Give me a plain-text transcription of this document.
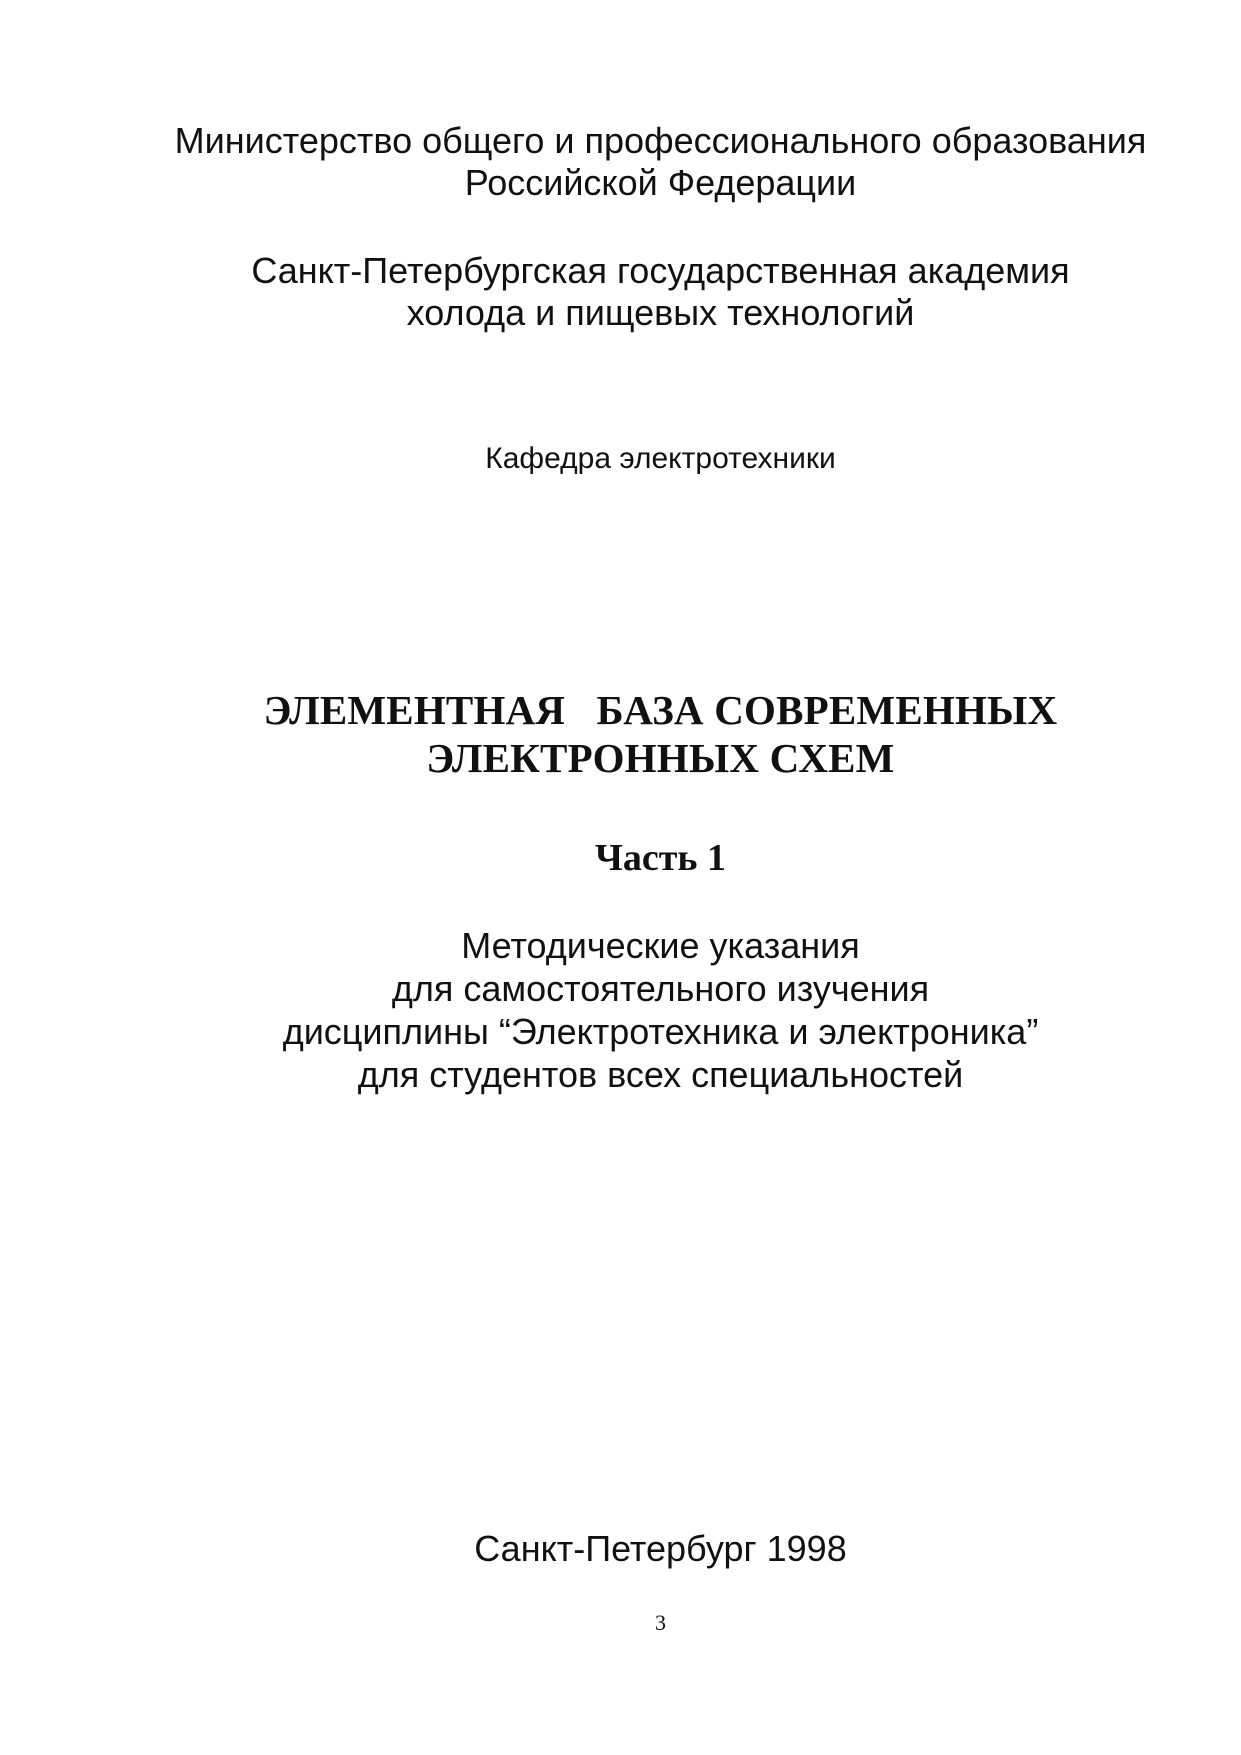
Министерство общего и профессионального образования

Российской Федерации

Санкт-Петербургская государственная академия

холода и пищевых технологий

Кафедра электротехники

ЭЛЕМЕНТНАЯ   БАЗА СОВРЕМЕННЫХ

ЭЛЕКТРОННЫХ СХЕМ

Часть 1

Методические указания

для самостоятельного изучения

дисциплины “Электротехника и электроника”

для студентов всех специальностей

Санкт-Петербург 1998

3
